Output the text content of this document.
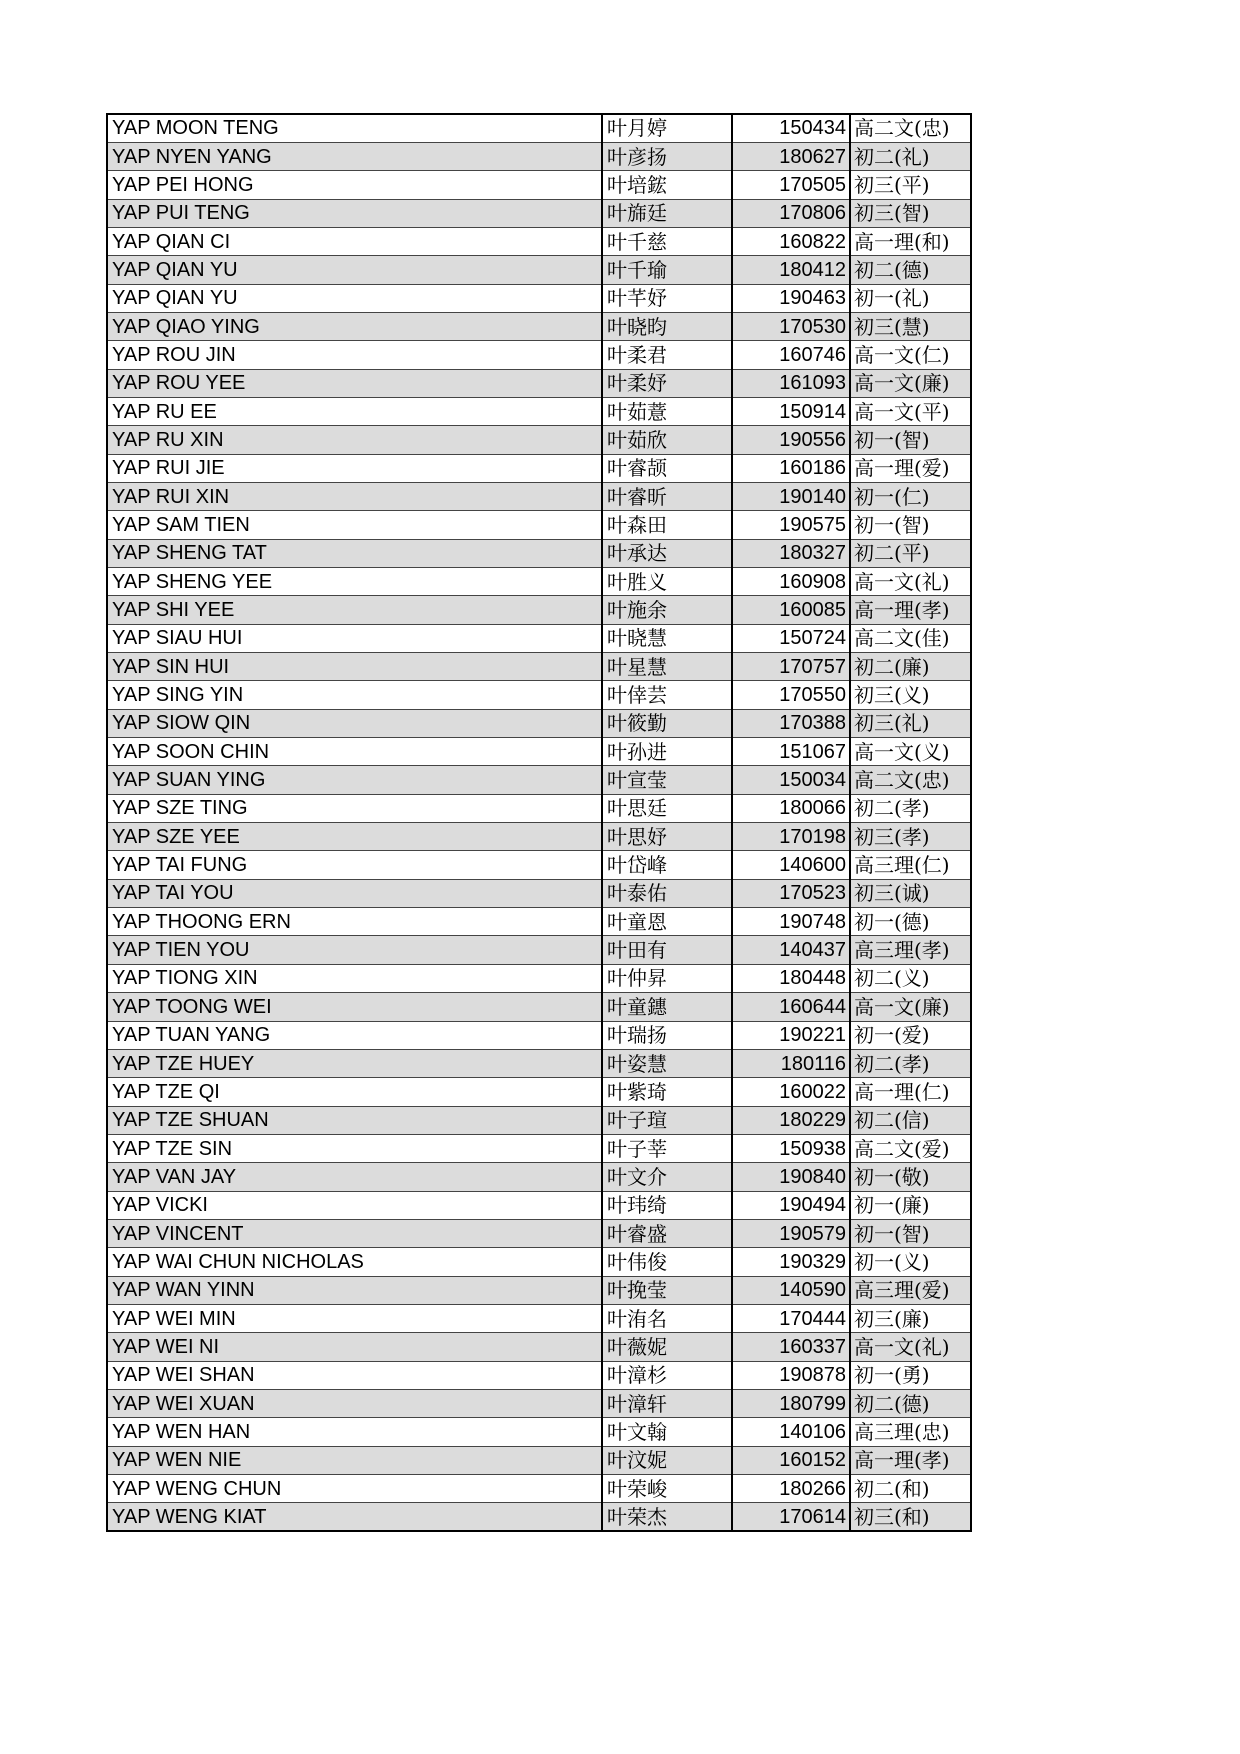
YAP MOON TENG	叶月婷	150434	高二文(忠)
YAP NYEN YANG	叶彦扬	180627	初二(礼)
YAP PEI HONG	叶培鋐	170505	初三(平)
YAP PUI TENG	叶旆廷	170806	初三(智)
YAP QIAN CI	叶千慈	160822	高一理(和)
YAP QIAN YU	叶千瑜	180412	初二(德)
YAP QIAN YU	叶芊妤	190463	初一(礼)
YAP QIAO YING	叶晓昀	170530	初三(慧)
YAP ROU JIN	叶柔君	160746	高一文(仁)
YAP ROU YEE	叶柔妤	161093	高一文(廉)
YAP RU EE	叶茹薏	150914	高一文(平)
YAP RU XIN	叶茹欣	190556	初一(智)
YAP RUI JIE	叶睿颉	160186	高一理(爱)
YAP RUI XIN	叶睿昕	190140	初一(仁)
YAP SAM TIEN	叶森田	190575	初一(智)
YAP SHENG TAT	叶承达	180327	初二(平)
YAP SHENG YEE	叶胜义	160908	高一文(礼)
YAP SHI YEE	叶施余	160085	高一理(孝)
YAP SIAU HUI	叶晓慧	150724	高二文(佳)
YAP SIN HUI	叶星慧	170757	初二(廉)
YAP SING YIN	叶倖芸	170550	初三(义)
YAP SIOW QIN	叶筱勤	170388	初三(礼)
YAP SOON CHIN	叶孙进	151067	高一文(义)
YAP SUAN YING	叶宣莹	150034	高二文(忠)
YAP SZE TING	叶思廷	180066	初二(孝)
YAP SZE YEE	叶思妤	170198	初三(孝)
YAP TAI FUNG	叶岱峰	140600	高三理(仁)
YAP TAI YOU	叶泰佑	170523	初三(诚)
YAP THOONG ERN	叶童恩	190748	初一(德)
YAP TIEN YOU	叶田有	140437	高三理(孝)
YAP TIONG XIN	叶仲昇	180448	初二(义)
YAP TOONG WEI	叶童鏸	160644	高一文(廉)
YAP TUAN YANG	叶瑞扬	190221	初一(爱)
YAP TZE HUEY	叶姿慧	180116	初二(孝)
YAP TZE QI	叶紫琦	160022	高一理(仁)
YAP TZE SHUAN	叶子瑄	180229	初二(信)
YAP TZE SIN	叶子莘	150938	高二文(爱)
YAP VAN JAY	叶文介	190840	初一(敬)
YAP VICKI	叶玮绮	190494	初一(廉)
YAP VINCENT	叶睿盛	190579	初一(智)
YAP WAI CHUN NICHOLAS	叶伟俊	190329	初一(义)
YAP WAN YINN	叶挽莹	140590	高三理(爱)
YAP WEI MIN	叶洧名	170444	初三(廉)
YAP WEI NI	叶薇妮	160337	高一文(礼)
YAP WEI SHAN	叶漳杉	190878	初一(勇)
YAP WEI XUAN	叶漳轩	180799	初二(德)
YAP WEN HAN	叶文翰	140106	高三理(忠)
YAP WEN NIE	叶汶妮	160152	高一理(孝)
YAP WENG CHUN	叶荣峻	180266	初二(和)
YAP WENG KIAT	叶荣杰	170614	初三(和)
